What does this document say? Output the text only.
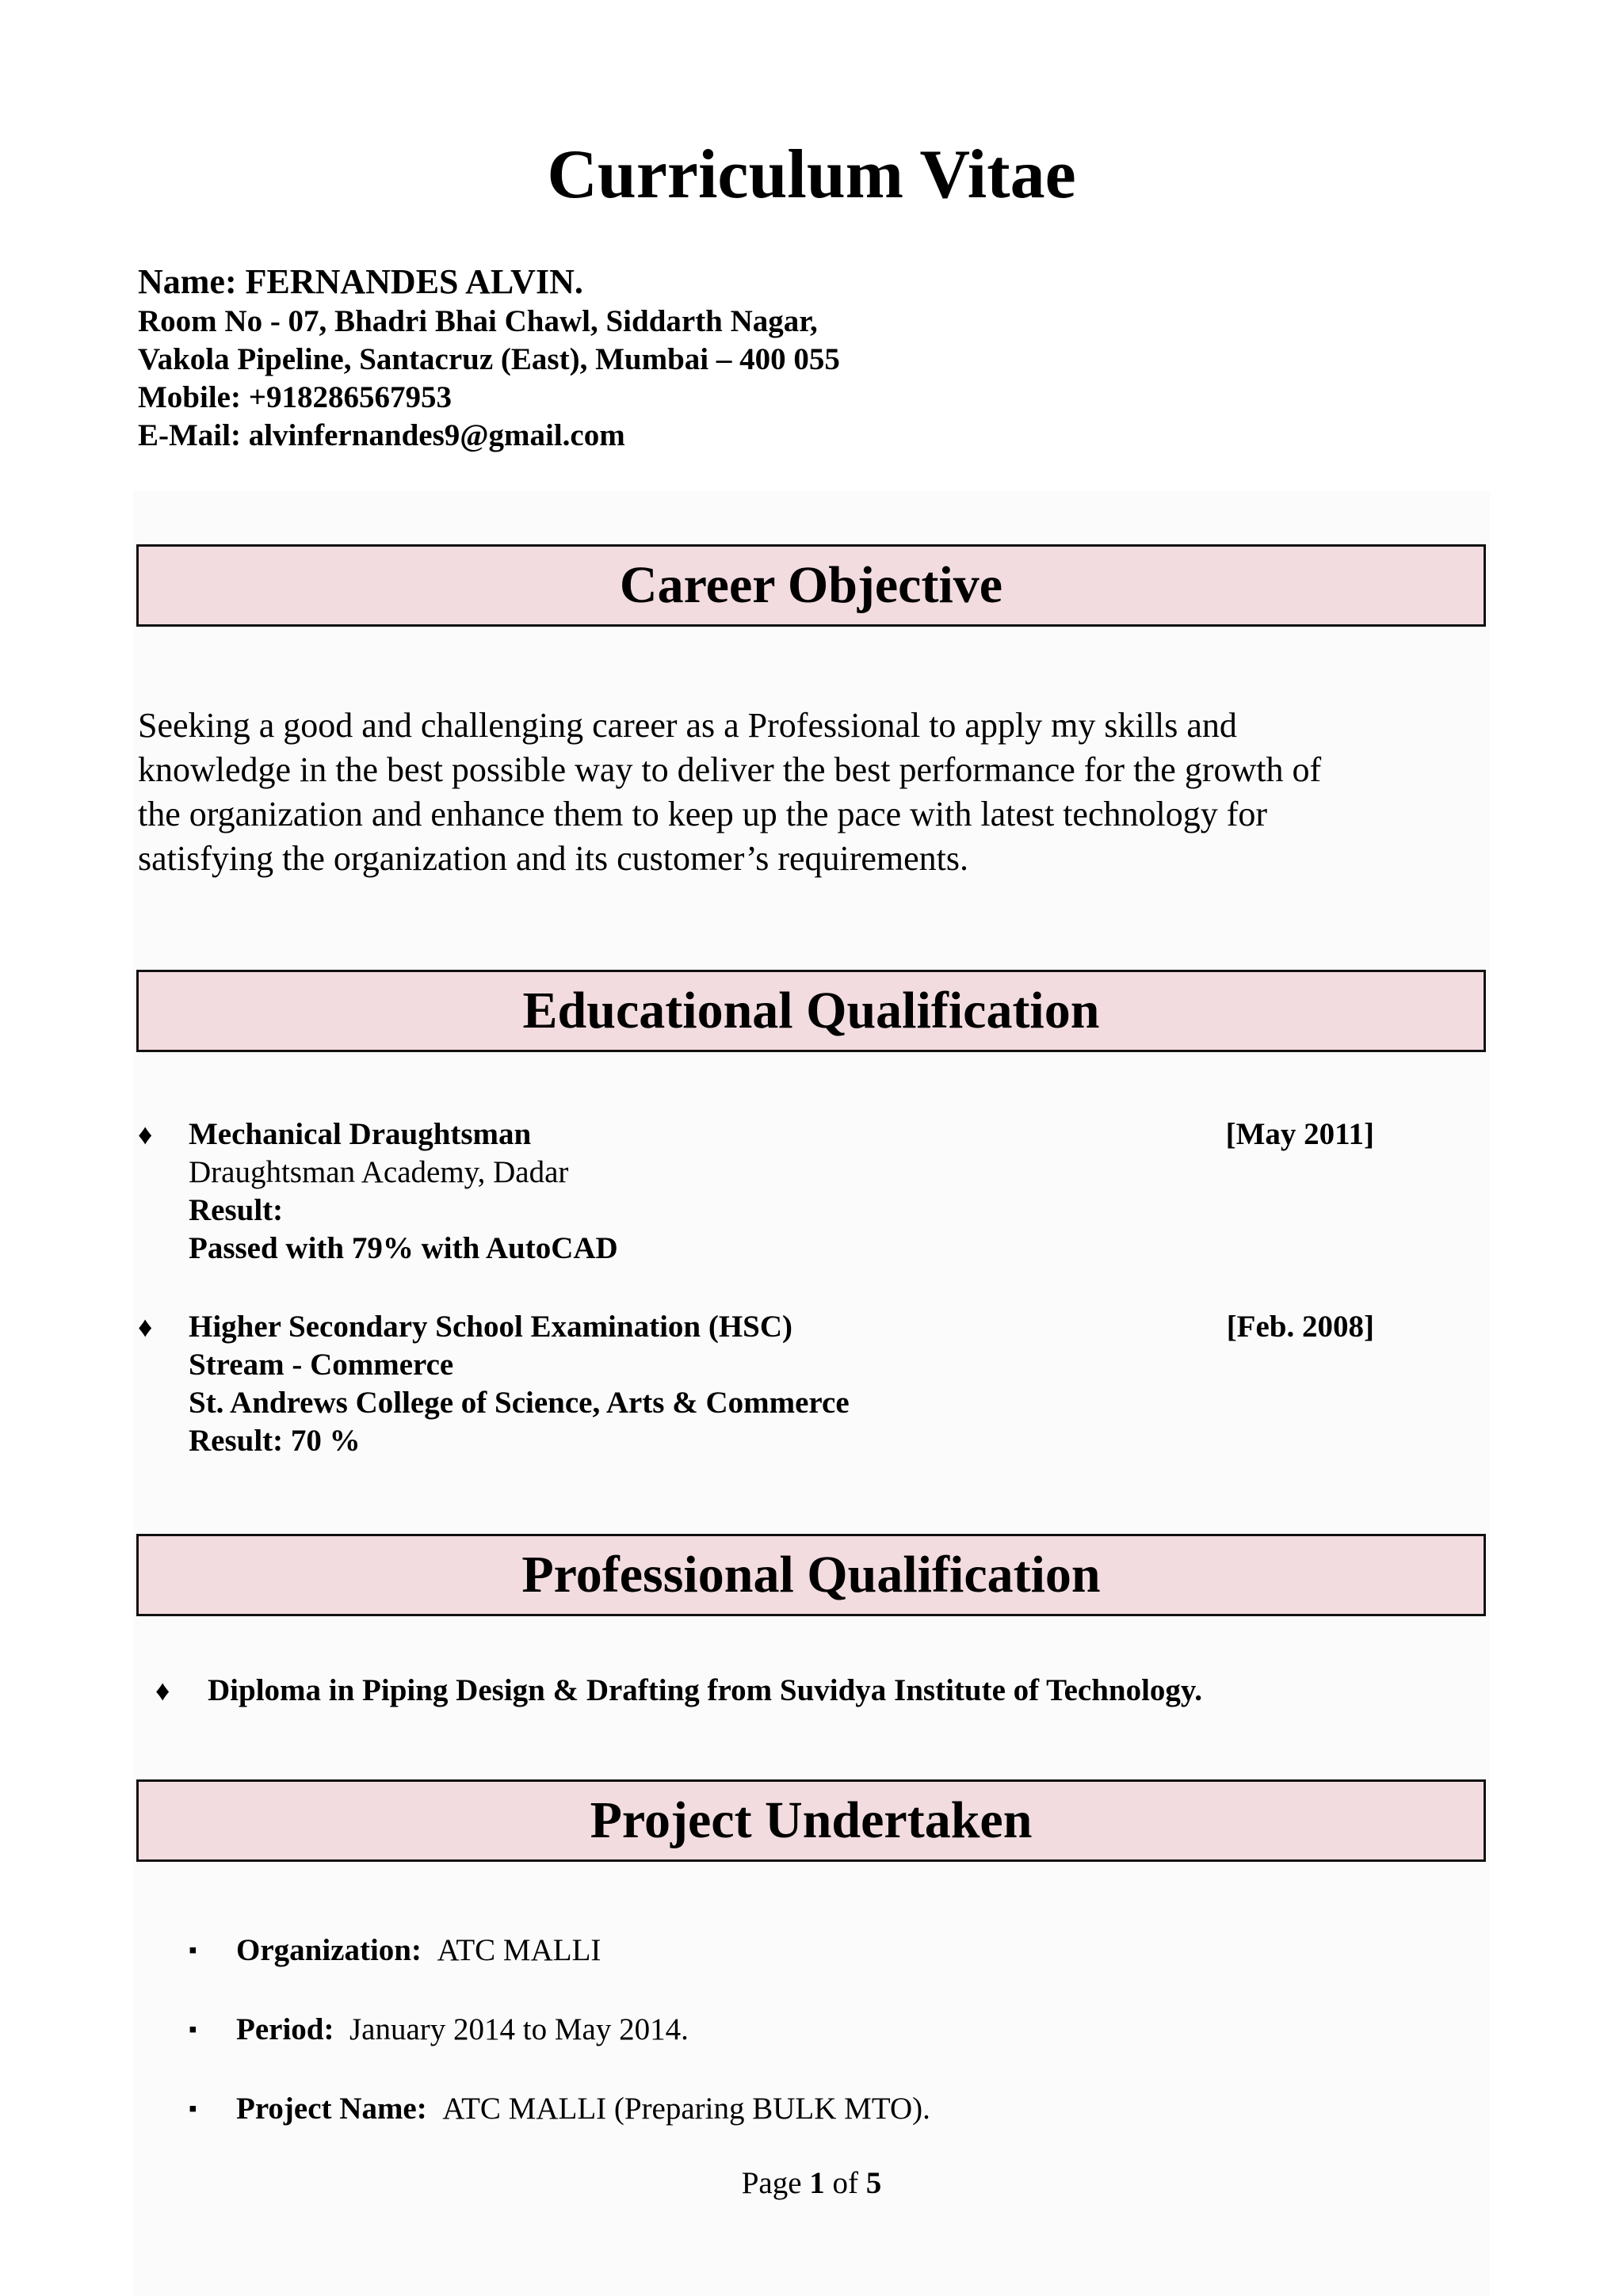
Curriculum Vitae
Name: FERNANDES ALVIN.
Room No - 07, Bhadri Bhai Chawl, Siddarth Nagar,
Vakola Pipeline, Santacruz (East), Mumbai – 400 055
Mobile: +918286567953
E-Mail: alvinfernandes9@gmail.com
Career Objective
Seeking a good and challenging career as a Professional to apply my skills and
knowledge in the best possible way to deliver the best performance for the growth of
the organization and enhance them to keep up the pace with latest technology for
satisfying the organization and its customer’s requirements.
Educational Qualification
♦ Mechanical Draughtsman
Draughtsman Academy, Dadar
Result:
Passed with 79% with AutoCAD
[May 2011]
♦ Higher Secondary School Examination (HSC)
Stream - Commerce
St. Andrews College of Science, Arts & Commerce
Result: 70 %
[Feb. 2008]
Professional Qualification
♦ Diploma in Piping Design & Drafting from Suvidya Institute of Technology.
Project Undertaken
▪ Organization: ATC MALLI
▪ Period: January 2014 to May 2014.
▪ Project Name: ATC MALLI (Preparing BULK MTO).
Page 1 of 5
